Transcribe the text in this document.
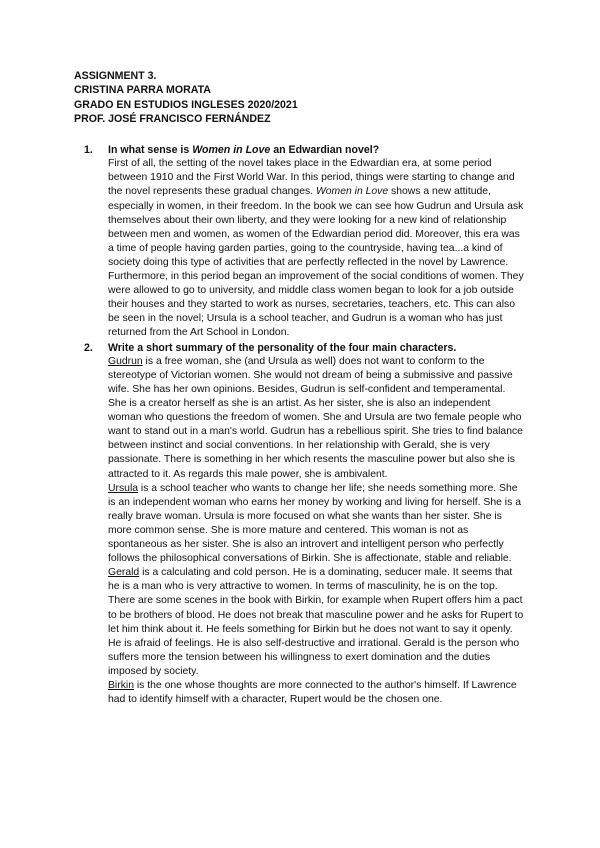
ASSIGNMENT 3.
CRISTINA PARRA MORATA
GRADO EN ESTUDIOS INGLESES 2020/2021
PROF. JOSÉ FRANCISCO FERNÁNDEZ
1. In what sense is Women in Love an Edwardian novel?

First of all, the setting of the novel takes place in the Edwardian era, at some period between 1910 and the First World War. In this period, things were starting to change and the novel represents these gradual changes. Women in Love shows a new attitude, especially in women, in their freedom. In the book we can see how Gudrun and Ursula ask themselves about their own liberty, and they were looking for a new kind of relationship between men and women, as women of the Edwardian period did. Moreover, this era was a time of people having garden parties, going to the countryside, having tea...a kind of society doing this type of activities that are perfectly reflected in the novel by Lawrence. Furthermore, in this period began an improvement of the social conditions of women. They were allowed to go to university, and middle class women began to look for a job outside their houses and they started to work as nurses, secretaries, teachers, etc. This can also be seen in the novel; Ursula is a school teacher, and Gudrun is a woman who has just returned from the Art School in London.

2. Write a short summary of the personality of the four main characters.

Gudrun is a free woman, she (and Ursula as well) does not want to conform to the stereotype of Victorian women. She would not dream of being a submissive and passive wife. She has her own opinions. Besides, Gudrun is self-confident and temperamental. She is a creator herself as she is an artist. As her sister, she is also an independent woman who questions the freedom of women. She and Ursula are two female people who want to stand out in a man's world. Gudrun has a rebellious spirit. She tries to find balance between instinct and social conventions. In her relationship with Gerald, she is very passionate. There is something in her which resents the masculine power but also she is attracted to it. As regards this male power, she is ambivalent.

Ursula is a school teacher who wants to change her life; she needs something more. She is an independent woman who earns her money by working and living for herself. She is a really brave woman. Ursula is more focused on what she wants than her sister. She is more common sense. She is more mature and centered. This woman is not as spontaneous as her sister. She is also an introvert and intelligent person who perfectly follows the philosophical conversations of Birkin. She is affectionate, stable and reliable.

Gerald is a calculating and cold person. He is a dominating, seducer male. It seems that he is a man who is very attractive to women. In terms of masculinity, he is on the top. There are some scenes in the book with Birkin, for example when Rupert offers him a pact to be brothers of blood. He does not break that masculine power and he asks for Rupert to let him think about it. He feels something for Birkin but he does not want to say it openly. He is afraid of feelings. He is also self-destructive and irrational. Gerald is the person who suffers more the tension between his willingness to exert domination and the duties imposed by society.

Birkin is the one whose thoughts are more connected to the author's himself. If Lawrence had to identify himself with a character, Rupert would be the chosen one.
